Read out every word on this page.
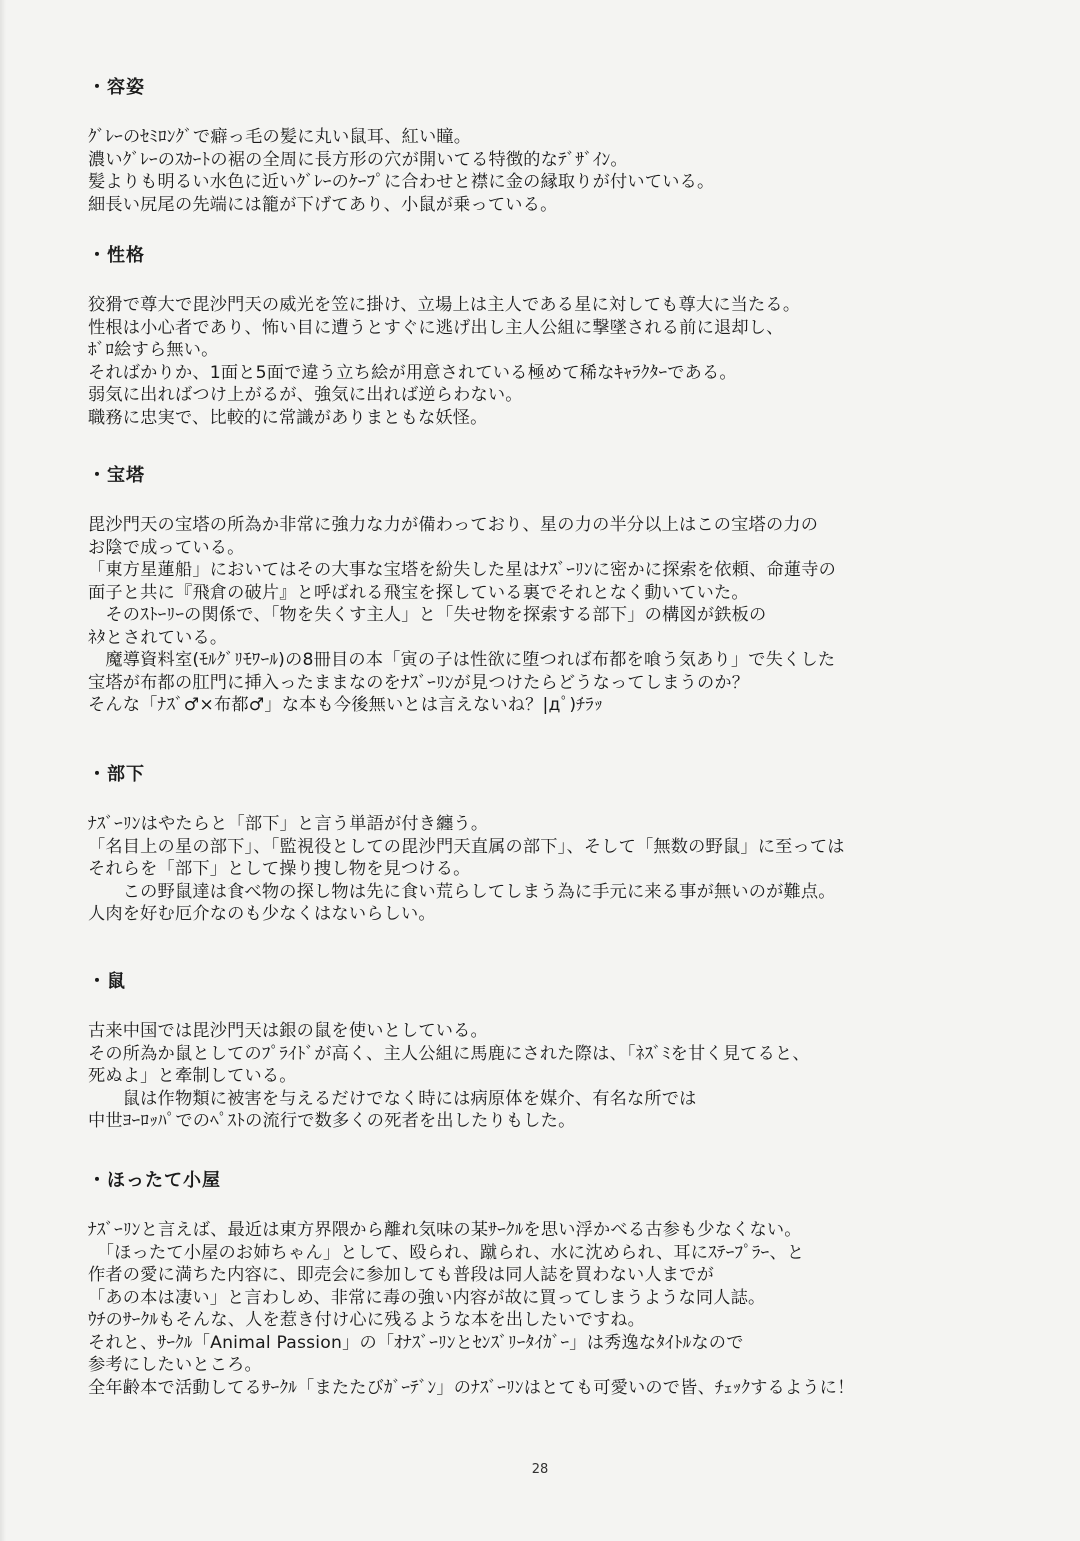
・容姿
ｸﾞﾚｰのｾﾐﾛﾝｸﾞで癖っ毛の髪に丸い鼠耳、紅い瞳。
濃いｸﾞﾚｰのｽｶｰﾄの裾の全周に長方形の穴が開いてる特徴的なﾃﾞｻﾞｲﾝ。
髪よりも明るい水色に近いｸﾞﾚｰのｹｰﾌﾟに合わせと襟に金の縁取りが付いている。
細長い尻尾の先端には籠が下げてあり、小鼠が乗っている。
・性格
狡猾で尊大で毘沙門天の威光を笠に掛け、立場上は主人である星に対しても尊大に当たる。
性根は小心者であり、怖い目に遭うとすぐに逃げ出し主人公組に撃墜される前に退却し、
ﾎﾞﾛ絵すら無い。
そればかりか、1面と5面で違う立ち絵が用意されている極めて稀なｷｬﾗｸﾀｰである。
弱気に出ればつけ上がるが、強気に出れば逆らわない。
職務に忠実で、比較的に常識がありまともな妖怪。
・宝塔
毘沙門天の宝塔の所為か非常に強力な力が備わっており、星の力の半分以上はこの宝塔の力の
お陰で成っている。
「東方星蓮船」においてはその大事な宝塔を紛失した星はﾅｽﾞｰﾘﾝに密かに探索を依頼、命蓮寺の
面子と共に『飛倉の破片』と呼ばれる飛宝を探している裏でそれとなく動いていた。
　そのｽﾄｰﾘｰの関係で、「物を失くす主人」と「失せ物を探索する部下」の構図が鉄板の
ﾈﾀとされている。
　魔導資料室(ﾓﾙｸﾞﾘﾓﾜｰﾙ)の8冊目の本「寅の子は性欲に堕つれば布都を喰う気あり」で失くした
宝塔が布都の肛門に挿入ったままなのをﾅｽﾞｰﾘﾝが見つけたらどうなってしまうのか？
そんな「ﾅｽﾞ♂×布都♂」な本も今後無いとは言えないね？|дﾟ)ﾁﾗｯ
・部下
ﾅｽﾞｰﾘﾝはやたらと「部下」と言う単語が付き纏う。
「名目上の星の部下」、「監視役としての毘沙門天直属の部下」、そして「無数の野鼠」に至っては
それらを「部下」として操り捜し物を見つける。
　　この野鼠達は食べ物の探し物は先に食い荒らしてしまう為に手元に来る事が無いのが難点。
人肉を好む厄介なのも少なくはないらしい。
・鼠
古来中国では毘沙門天は銀の鼠を使いとしている。
その所為か鼠としてのﾌﾟﾗｲﾄﾞが高く、主人公組に馬鹿にされた際は、「ﾈｽﾞﾐを甘く見てると、
死ぬよ」と牽制している。
　　鼠は作物類に被害を与えるだけでなく時には病原体を媒介、有名な所では
中世ﾖｰﾛｯﾊﾟでのﾍﾟｽﾄの流行で数多くの死者を出したりもした。
・ほったて小屋
ﾅｽﾞｰﾘﾝと言えば、最近は東方界隈から離れ気味の某ｻｰｸﾙを思い浮かべる古参も少なくない。
　「ほったて小屋のお姉ちゃん」として、殴られ、蹴られ、水に沈められ、耳にｽﾃｰﾌﾟﾗｰ、と
作者の愛に満ちた内容に、即売会に参加しても普段は同人誌を買わない人までが
「あの本は凄い」と言わしめ、非常に毒の強い内容が故に買ってしまうような同人誌。
ｳﾁのｻｰｸﾙもそんな、人を惹き付け心に残るような本を出したいですね。
それと、ｻｰｸﾙ「Animal Passion」の「ｵﾅｽﾞｰﾘﾝとｾﾝｽﾞﾘｰﾀｲｶﾞｰ」は秀逸なﾀｲﾄﾙなので
参考にしたいところ。
全年齢本で活動してるｻｰｸﾙ「またたびｶﾞｰﾃﾞﾝ」のﾅｽﾞｰﾘﾝはとても可愛いので皆、ﾁｪｯｸするように！
28
